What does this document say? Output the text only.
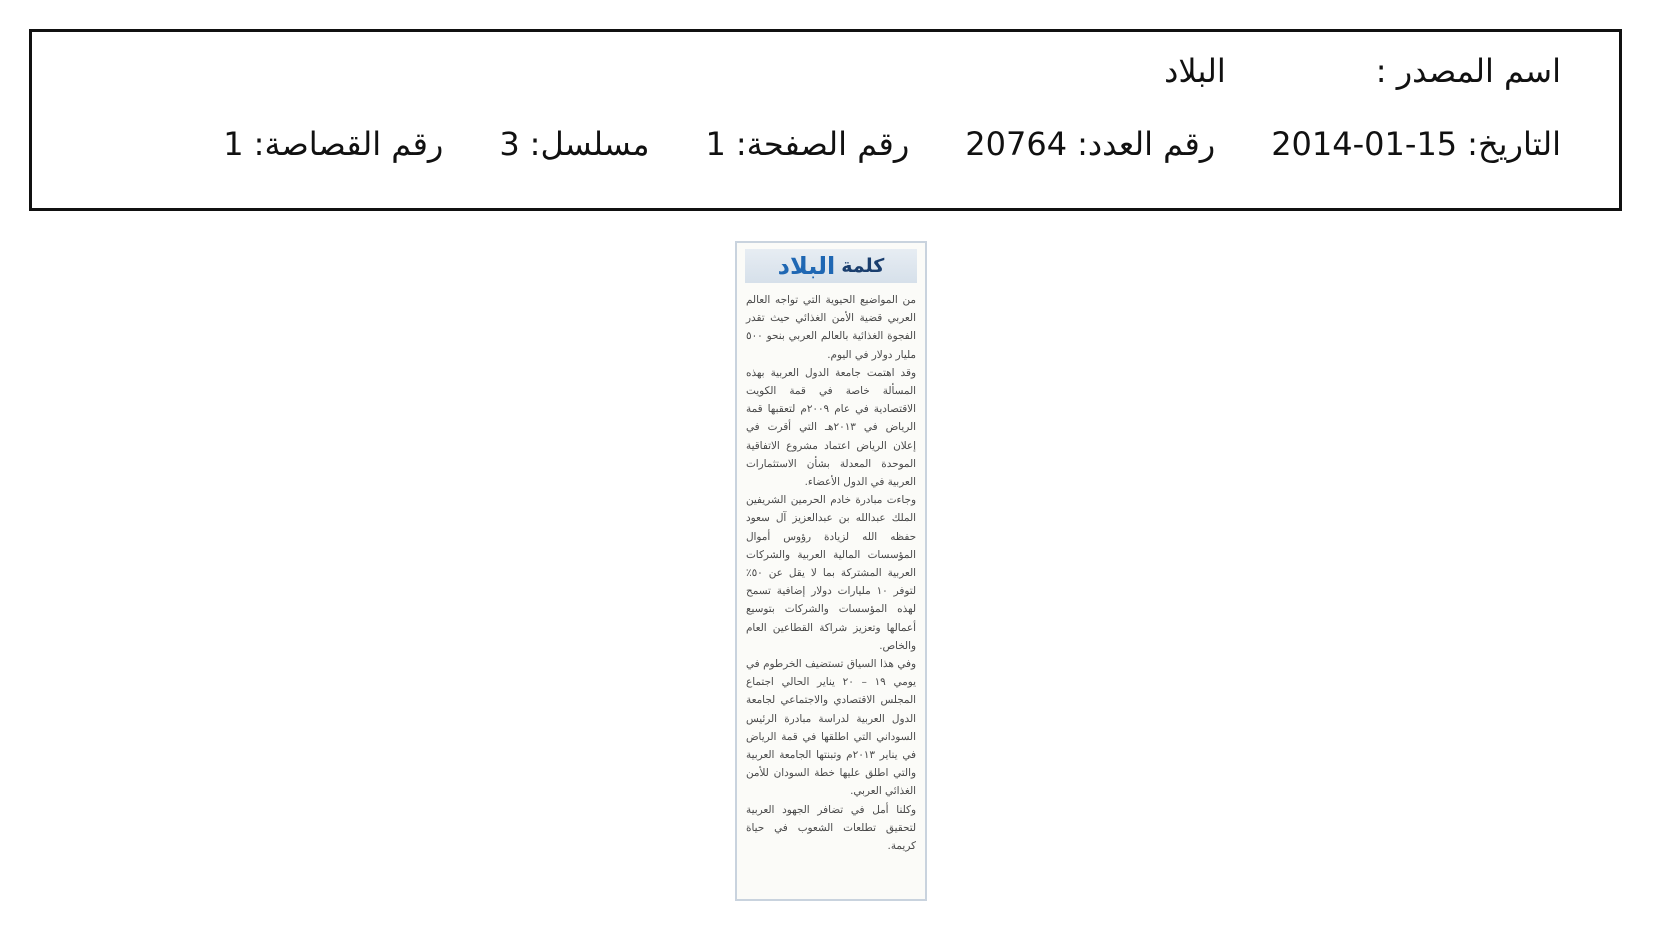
اسم المصدر :
البلاد
التاريخ:
2014-01-15
رقم العدد:
20764
رقم الصفحة:
1
مسلسل:
3
رقم القصاصة:
1
كلمة
البلاد

من المواضيع الحيوية التي تواجه العالم العربي قضية الأمن الغذائي حيث تقدر الفجوة الغذائية بالعالم العربي بنحو ٥٠٠ مليار دولار في اليوم.

وقد اهتمت جامعة الدول العربية بهذه المسألة خاصة في قمة الكويت الاقتصادية في عام ٢٠٠٩م لتعقبها قمة الرياض في ٢٠١٣هـ التي أقرت في إعلان الرياض اعتماد مشروع الاتفاقية الموحدة المعدلة بشأن الاستثمارات العربية في الدول الأعضاء.

وجاءت مبادرة خادم الحرمين الشريفين الملك عبدالله بن عبدالعزيز آل سعود حفظه الله لزيادة رؤوس أموال المؤسسات المالية العربية والشركات العربية المشتركة بما لا يقل عن ٥٠٪ لتوفر ١٠ مليارات دولار إضافية تسمح لهذه المؤسسات والشركات بتوسيع أعمالها وتعزيز شراكة القطاعين العام والخاص.

وفي هذا السياق تستضيف الخرطوم في يومي ١٩ – ٢٠ يناير الحالي اجتماع المجلس الاقتصادي والاجتماعي لجامعة الدول العربية لدراسة مبادرة الرئيس السوداني التي اطلقها في قمة الرياض في يناير ٢٠١٣م وتبنتها الجامعة العربية والتي اطلق عليها خطة السودان للأمن الغذائي العربي.

وكلنا أمل في تضافر الجهود العربية لتحقيق تطلعات الشعوب في حياة كريمة.
